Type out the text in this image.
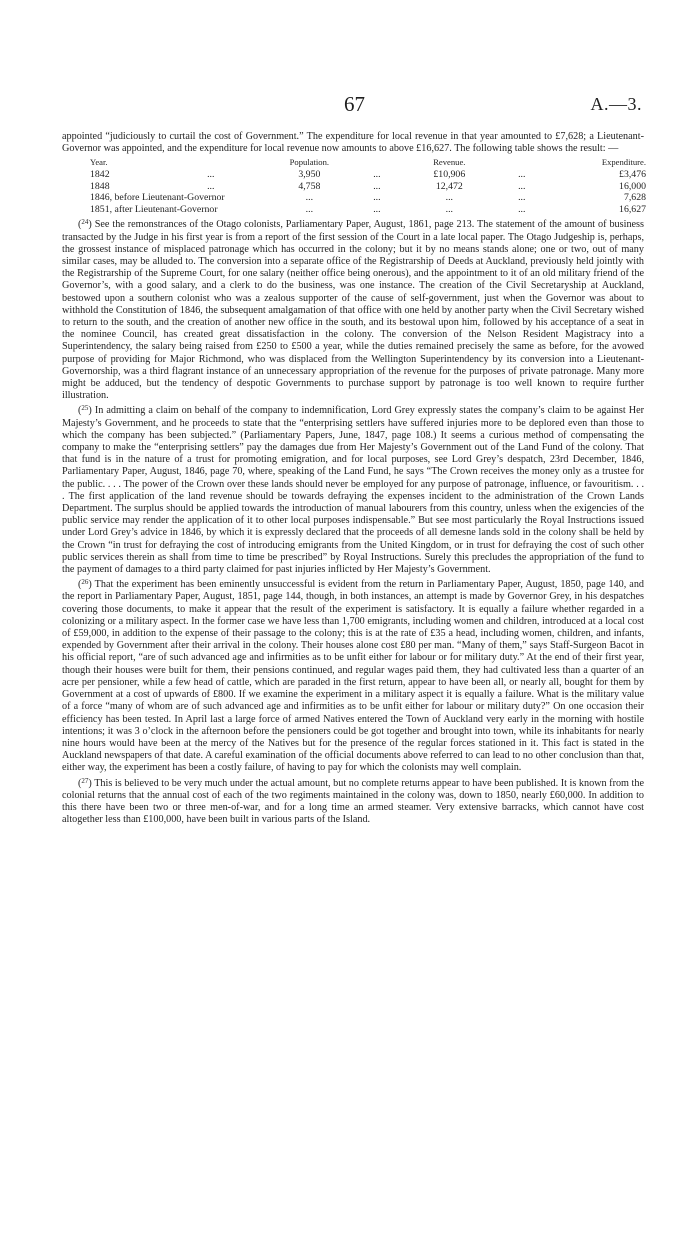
67	A.—3.

appointed “judiciously to curtail the cost of Government.” The expenditure for local revenue in that year amounted to £7,628; a Lieutenant-Governor was appointed, and the expenditure for local revenue now amounts to above £16,627. The following table shows the result: —

Year.		Population.		Revenue.		Expenditure.
1842	...	3,950	...	£10,906	...	£3,476
1848	...	4,758	...	12,472	...	16,000
1846, before Lieutenant-Governor		...	...	...	...	7,628
1851, after Lieutenant-Governor		...	...	...	...	16,627

($^{24}$) See the remonstrances of the Otago colonists, Parliamentary Paper, August, 1861, page 213. The statement of the amount of business transacted by the Judge in his first year is from a report of the first session of the Court in a late local paper. The Otago Judgeship is, perhaps, the grossest instance of misplaced patronage which has occurred in the colony; but it by no means stands alone; one or two, out of many similar cases, may be alluded to. The conversion into a separate office of the Registrarship of Deeds at Auckland, previously held jointly with the Registrarship of the Supreme Court, for one salary (neither office being onerous), and the appointment to it of an old military friend of the Governor’s, with a good salary, and a clerk to do the business, was one instance. The creation of the Civil Secretaryship at Auckland, bestowed upon a southern colonist who was a zealous supporter of the cause of self-government, just when the Governor was about to withhold the Constitution of 1846, the subsequent amalgamation of that office with one held by another party when the Civil Secretary wished to return to the south, and the creation of another new office in the south, and its bestowal upon him, followed by his acceptance of a seat in the nominee Council, has created great dissatisfaction in the colony. The conversion of the Nelson Resident Magistracy into a Superintendency, the salary being raised from £250 to £500 a year, while the duties remained precisely the same as before, for the avowed purpose of providing for Major Richmond, who was displaced from the Wellington Superintendency by its conversion into a Lieutenant-Governorship, was a third flagrant instance of an unnecessary appropriation of the revenue for the purposes of private patronage. Many more might be adduced, but the tendency of despotic Governments to purchase support by patronage is too well known to require further illustration.

($^{25}$) In admitting a claim on behalf of the company to indemnification, Lord Grey expressly states the company’s claim to be against Her Majesty’s Government, and he proceeds to state that the “enterprising settlers have suffered injuries more to be deplored even than those to which the company has been subjected.” (Parliamentary Papers, June, 1847, page 108.) It seems a curious method of compensating the company to make the “enterprising settlers” pay the damages due from Her Majesty’s Government out of the Land Fund of the colony. That that fund is in the nature of a trust for promoting emigration, and for local purposes, see Lord Grey’s despatch, 23rd December, 1846, Parliamentary Paper, August, 1846, page 70, where, speaking of the Land Fund, he says “The Crown receives the money only as a trustee for the public. . . . The power of the Crown over these lands should never be employed for any purpose of patronage, influence, or favouritism. . . . The first application of the land revenue should be towards defraying the expenses incident to the administration of the Crown Lands Department. The surplus should be applied towards the introduction of manual labourers from this country, unless when the exigencies of the public service may render the application of it to other local purposes indispensable.” But see most particularly the Royal Instructions issued under Lord Grey’s advice in 1846, by which it is expressly declared that the proceeds of all demesne lands sold in the colony shall be held by the Crown “in trust for defraying the cost of introducing emigrants from the United Kingdom, or in trust for defraying the cost of such other public services therein as shall from time to time be prescribed” by Royal Instructions. Surely this precludes the appropriation of the fund to the payment of damages to a third party claimed for past injuries inflicted by Her Majesty’s Government.

($^{26}$) That the experiment has been eminently unsuccessful is evident from the return in Parliamentary Paper, August, 1850, page 140, and the report in Parliamentary Paper, August, 1851, page 144, though, in both instances, an attempt is made by Governor Grey, in his despatches covering those documents, to make it appear that the result of the experiment is satisfactory. It is equally a failure whether regarded in a colonizing or a military aspect. In the former case we have less than 1,700 emigrants, including women and children, introduced at a local cost of £59,000, in addition to the expense of their passage to the colony; this is at the rate of £35 a head, including women, children, and infants, expended by Government after their arrival in the colony. Their houses alone cost £80 per man. “Many of them,” says Staff-Surgeon Bacot in his official report, “are of such advanced age and infirmities as to be unfit either for labour or for military duty.” At the end of their first year, though their houses were built for them, their pensions continued, and regular wages paid them, they had cultivated less than a quarter of an acre per pensioner, while a few head of cattle, which are paraded in the first return, appear to have been all, or nearly all, bought for them by Government at a cost of upwards of £800. If we examine the experiment in a military aspect it is equally a failure. What is the military value of a force “many of whom are of such advanced age and infirmities as to be unfit either for labour or military duty?” On one occasion their efficiency has been tested. In April last a large force of armed Natives entered the Town of Auckland very early in the morning with hostile intentions; it was 3 o’clock in the afternoon before the pensioners could be got together and brought into town, while its inhabitants for nearly nine hours would have been at the mercy of the Natives but for the presence of the regular forces stationed in it. This fact is stated in the Auckland newspapers of that date. A careful examination of the official documents above referred to can lead to no other conclusion than that, either way, the experiment has been a costly failure, of having to pay for which the colonists may well complain.

($^{27}$) This is believed to be very much under the actual amount, but no complete returns appear to have been published. It is known from the colonial returns that the annual cost of each of the two regiments maintained in the colony was, down to 1850, nearly £60,000. In addition to this there have been two or three men-of-war, and for a long time an armed steamer. Very extensive barracks, which cannot have cost altogether less than £100,000, have been built in various parts of the Island.
